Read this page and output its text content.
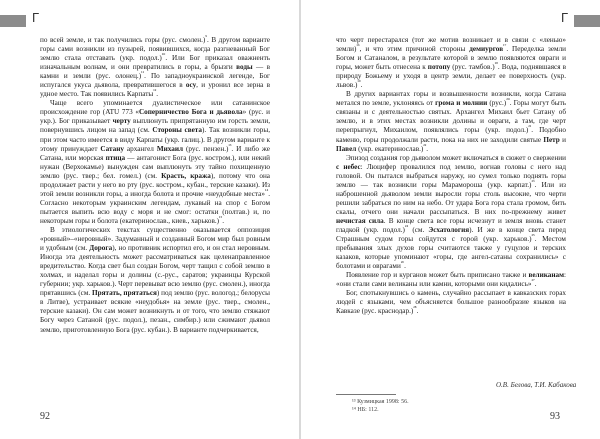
Г

по всей земле, и так получились горы (рус. смолен.)$^{^9}$. В другом варианте горы сами возникли из пузырей, появившихся, когда разгневанный Бог землю стала отставать (укр. подол.)$^{^{10}}$. Или Бог приказал оважненть изначальным волнам, и они превратились в горы, а брызги воды — в камни и земли (рус. олонец.)$^{^{11}}$. По западноукраинской легенде, Бог испугался укуса дьявола, превратившегося в осу, и уронил все зерна в удное место. Так появились Карпаты$^{^{12}}$.

Чаще всего упоминается дуалистическое или сатанинское происхождение гор (ATU 773 «Соперничество Бога и дьявола» (рус. и укр.). Бог приказывает черту выплюнуть припрятанную им горсть земли, повернувшись лицом на запад (см. Стороны света). Так возникли горы, при этом часто имеется в виду Карпаты (укр. галиц.). В другом варианте к этому принуждает Сатану архангел Михаил (рус. пензен.)$^{^{13}}$. И либо же Сатана, или морская птица — антагонист Бога (рус. костром.), или некий нужан (Верхокамье) вынужден сам выплюнуть эту тайно похищенную землю (рус. твер.; бел. гомел.) (см. Красть, кража), потому что она продолжает расти у него во рту (рус. костром., кубан., терские казаки). Из этой земли возникли горы, а иногда болота и прочие «неудобные места»$^{^{14}}$. Согласно некоторым украинским легендам, лукавый на спор с Богом пытается выпить всю воду с моря и не смог: остатки (полтав.) и, по некоторым горы и болота (екатеринослав., киев., харьков.)$^{^{15}}$.

В этиологических текстах существенно оказывается оппозиция «ровный»–«неровный». Задуманный и созданный Богом мир был ровным и удобным (см. Дорога), но противник испортил его, и он стал неровным. Иногда эта деятельность может рассматриваться как целенаправленное вредительство. Когда свет был создан Богом, черт тащил с собой землю в холмах, и наделал горы и долины (с.-рус., саратов; украинцы Курской губернии; укр. харьков.). Черт перевыват всю землю (рус. смолен.), иногда прятавшись (см. Прятать, прятаться) под землю (рус. вологод.; белорусы в Литве), устраивает всякие «неудобья» на земле (рус. твер., смолен., терские казаки). Он сам может возникнуть и от того, что землю стяжают Богу через Сатаной (рус. подол.), пезан., симбир.) или сжимают дьявол землю, приготовленную Бога (рус. кубан.). В варианте подчеркивается,

92
Г

что черт перестарался (тот же мотив возникает и в связи с «ленью» земли)$^{^{16}}$, и что этим причиной стороны демиургов$^{^{17}}$. Переделка земли Богом и Сатаналом, в результате которой в землю появляются овраги и горы, может быть отнесена к потопу (рус. тамбов.)$^{^{18}}$. Вода, поднявшаяся в природу Божьему и уходя в центр земли, делает ее поверхность (укр. львов.)$^{^{19}}$.

В других вариантах горы и возвышенности возникли, когда Сатана метался по земле, уклоняясь от грома и молнии $(рус.)^{^{20}}$. Горы могут быть связаны и с деятельностью святых. Архангел Михаил бьет Сатану об землю, и в этих местах возникли долины и овраги, а там, где черт перепрыгнул, Михаилом, появлялись горы (укр. подол.)$^{^{21}}$. Подобно каменю, горы продолжали расти, пока на них не заходили святые Петр и Павел (укр. екатеринослав.)$^{^{22}}$.

Эпизод создания гор дьяволом может включаться в сюжет о свержении с небес: Люцифер провалился под землю, вогнав головы с него над головой. Он пытался выбраться наружу, но сумел только поднять горы землю — так возникли горы Марамороша (укр. карпат.)$^{^{23}}$. Или из наброшенной дьяволом земли выросли горы столь высокие, что черти решили забраться по ним на небо. От удара Бога гора стала громом, бить скалы, отчего они начали рассыпаться. В них по-прежнему живет нечистая сила. В конце света все горы исчезнут и земля вновь станет гладкой (укр. подол.)$^{^{24}}$ (см. Эсхатология). И же в конце света перед Страшным судом горы сойдутся с горой (укр. харьков.)$^{^{25}}$. Местом пребывания злых духов горы считаются также у гуцулов и терских казаков, которые упоминают «горы, где ангел-сатаны сохранились» с болотами и оврагами$^{^{26}}$.

Появление гор и курганов может быть приписано также и великанам: «они стали сами великаны или камни, которыми они кидались»$^{^{27}}$.

Бог, спотыкнувшись о камень, случайно рассыпает в кавказских горах людей с языками, чем объясняется большое разнообразие языков на Кавказе (рус. краснодар.)$^{^{28}}$.

О.В. Белова, Т.И. Кабакова
¹³ Кузмицкая 1998: 56.
¹⁴ НБ: 112.
93
